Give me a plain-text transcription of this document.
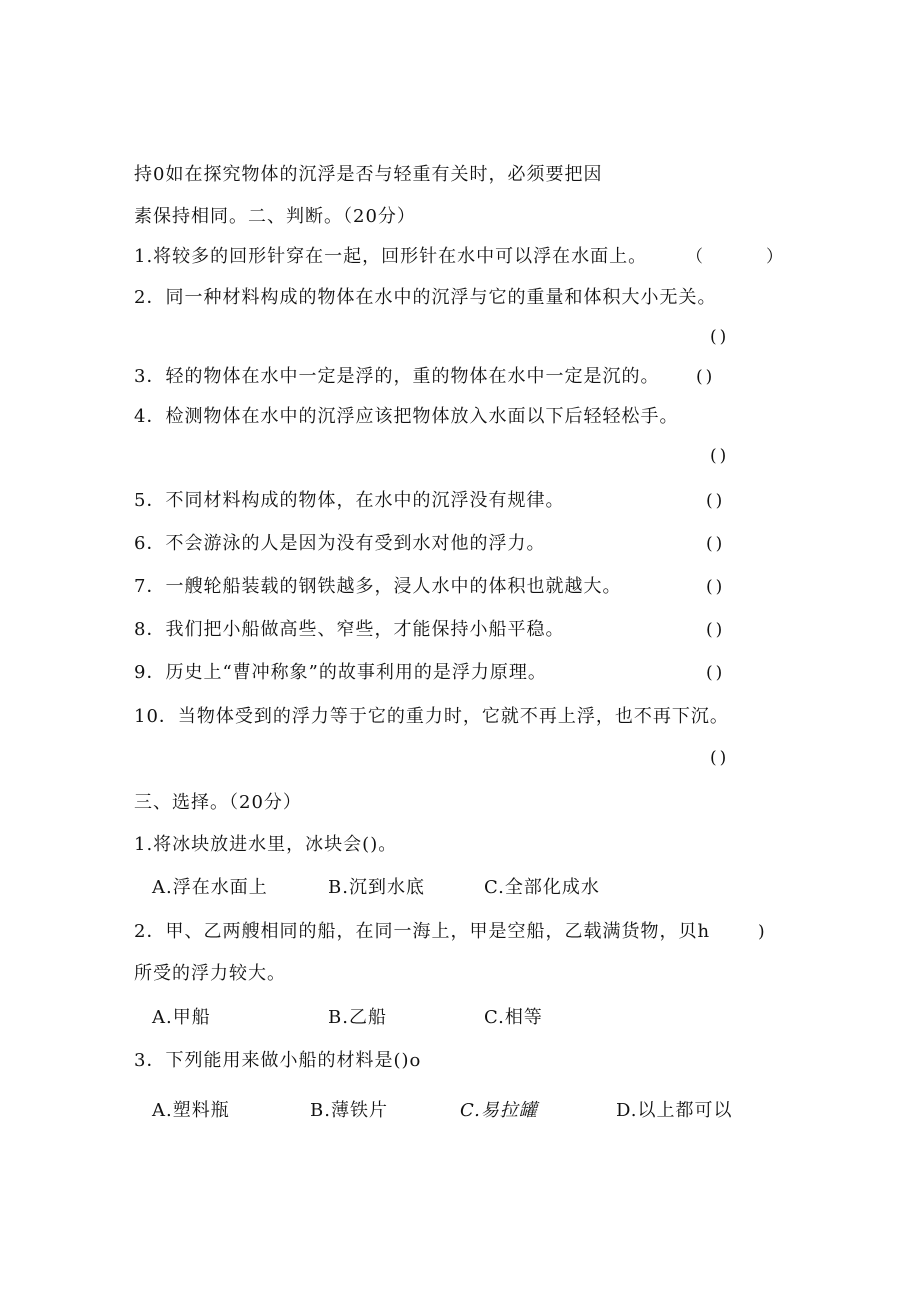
持0如在探究物体的沉浮是否与轻重有关时，必须要把因
素保持相同。二、判断。（20分）
1.将较多的回形针穿在一起，回形针在水中可以浮在水面上。 （　　　）
2．同一种材料构成的物体在水中的沉浮与它的重量和体积大小无关。
()
3．轻的物体在水中一定是浮的，重的物体在水中一定是沉的。 ()
4．检测物体在水中的沉浮应该把物体放入水面以下后轻轻松手。
()
5．不同材料构成的物体，在水中的沉浮没有规律。	()
6．不会游泳的人是因为没有受到水对他的浮力。	()
7．一艘轮船装载的钢铁越多，浸人水中的体积也就越大。	()
8．我们把小船做高些、窄些，才能保持小船平稳。	()
9．历史上“曹冲称象”的故事利用的是浮力原理。	()
10．当物体受到的浮力等于它的重力时，它就不再上浮，也不再下沉。
()
三、选择。（20分）
1.将冰块放进水里，冰块会()。
A.浮在水面上	B.沉到水底	C.全部化成水
2．甲、乙两艘相同的船，在同一海上，甲是空船，乙载满货物，贝h	)
所受的浮力较大。
A.甲船	B.乙船	C.相等
3．下列能用来做小船的材料是()o
A.塑料瓶	B.薄铁片	C.易拉罐	D.以上都可以
